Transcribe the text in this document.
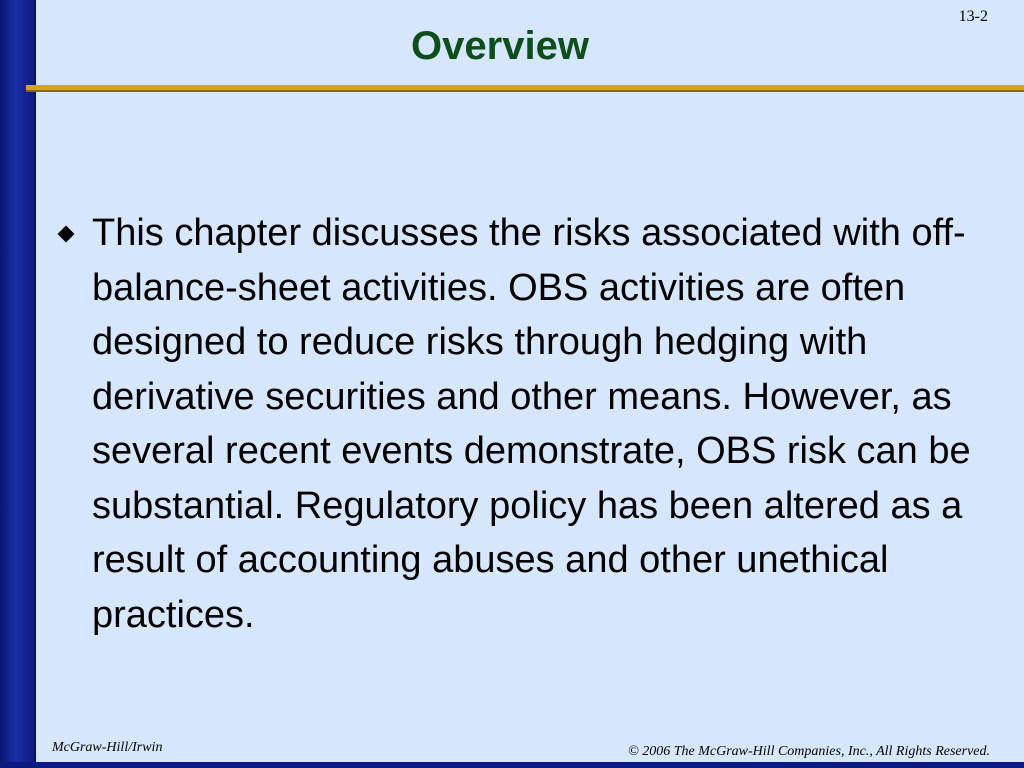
Overview
13-2

This chapter discusses the risks associated with off-balance-sheet activities. OBS activities are often designed to reduce risks through hedging with derivative securities and other means. However, as several recent events demonstrate, OBS risk can be substantial. Regulatory policy has been altered as a result of accounting abuses and other unethical practices.

McGraw-Hill/Irwin	© 2006 The McGraw-Hill Companies, Inc., All Rights Reserved.
